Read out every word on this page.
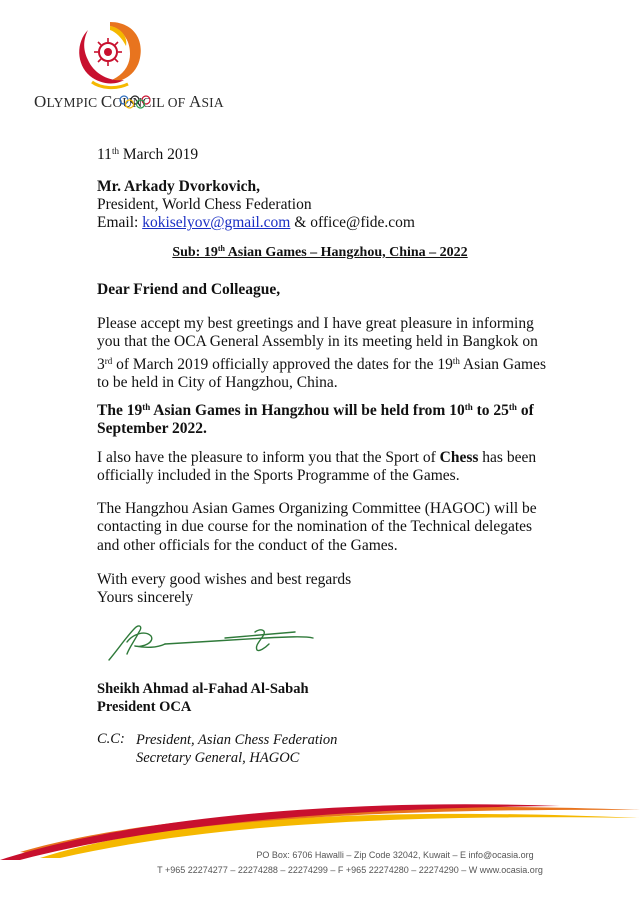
OLYMPIC COUNCIL OF ASIA
11th March 2019
Mr. Arkady Dvorkovich,
President, World Chess Federation
Email: kokiselyov@gmail.com & office@fide.com
Sub: 19th Asian Games – Hangzhou, China – 2022
Dear Friend and Colleague,
Please accept my best greetings and I have great pleasure in informing you that the OCA General Assembly in its meeting held in Bangkok on 3rd of March 2019 officially approved the dates for the 19th Asian Games to be held in City of Hangzhou, China.
The 19th Asian Games in Hangzhou will be held from 10th to 25th of September 2022.
I also have the pleasure to inform you that the Sport of Chess has been officially included in the Sports Programme of the Games.
The Hangzhou Asian Games Organizing Committee (HAGOC) will be contacting in due course for the nomination of the Technical delegates and other officials for the conduct of the Games.
With every good wishes and best regards
Yours sincerely
Sheikh Ahmad al-Fahad Al-Sabah
President OCA
C.C: President, Asian Chess Federation
Secretary General, HAGOC
PO Box: 6706 Hawalli – Zip Code 32042, Kuwait – E info@ocasia.org
T +965 22274277 – 22274288 – 22274299 – F +965 22274280 – 22274290 – W www.ocasia.org
